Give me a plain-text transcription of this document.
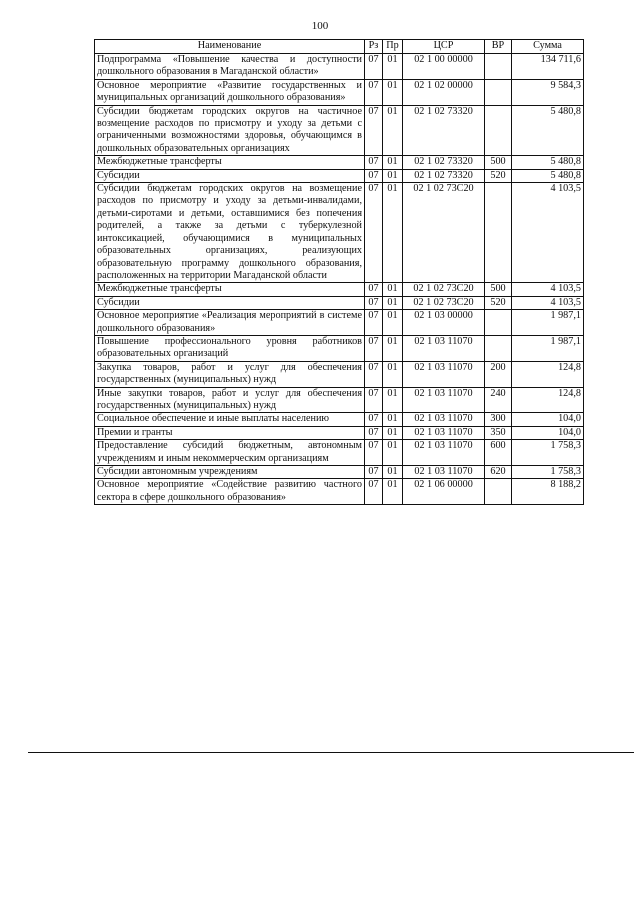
100
Наименование	Рз	Пр	ЦСР	ВР	Сумма
Подпрограмма «Повышение качества и доступности дошкольного образования в Магаданской области»	07	01	02 1 00 00000		134 711,6
Основное мероприятие «Развитие государственных и муниципальных организаций дошкольного образования»	07	01	02 1 02 00000		9 584,3
Субсидии бюджетам городских округов на частичное возмещение расходов по присмотру и уходу за детьми с ограниченными возможностями здоровья, обучающимся в дошкольных образовательных организациях	07	01	02 1 02 73320		5 480,8
Межбюджетные трансферты	07	01	02 1 02 73320	500	5 480,8
Субсидии	07	01	02 1 02 73320	520	5 480,8
Субсидии бюджетам городских округов на возмещение расходов по присмотру и уходу за детьми-инвалидами, детьми-сиротами и детьми, оставшимися без попечения родителей, а также за детьми с туберкулезной интоксикацией, обучающимися в муниципальных образовательных организациях, реализующих образовательную программу дошкольного образования, расположенных на территории Магаданской области	07	01	02 1 02 73С20		4 103,5
Межбюджетные трансферты	07	01	02 1 02 73С20	500	4 103,5
Субсидии	07	01	02 1 02 73С20	520	4 103,5
Основное мероприятие «Реализация мероприятий в системе дошкольного образования»	07	01	02 1 03 00000		1 987,1
Повышение профессионального уровня работников образовательных организаций	07	01	02 1 03 11070		1 987,1
Закупка товаров, работ и услуг для обеспечения государственных (муниципальных) нужд	07	01	02 1 03 11070	200	124,8
Иные закупки товаров, работ и услуг для обеспечения государственных (муниципальных) нужд	07	01	02 1 03 11070	240	124,8
Социальное обеспечение и иные выплаты населению	07	01	02 1 03 11070	300	104,0
Премии и гранты	07	01	02 1 03 11070	350	104,0
Предоставление субсидий бюджетным, автономным учреждениям и иным некоммерческим организациям	07	01	02 1 03 11070	600	1 758,3
Субсидии автономным учреждениям	07	01	02 1 03 11070	620	1 758,3
Основное мероприятие «Содействие развитию частного сектора в сфере дошкольного образования»	07	01	02 1 06 00000		8 188,2
